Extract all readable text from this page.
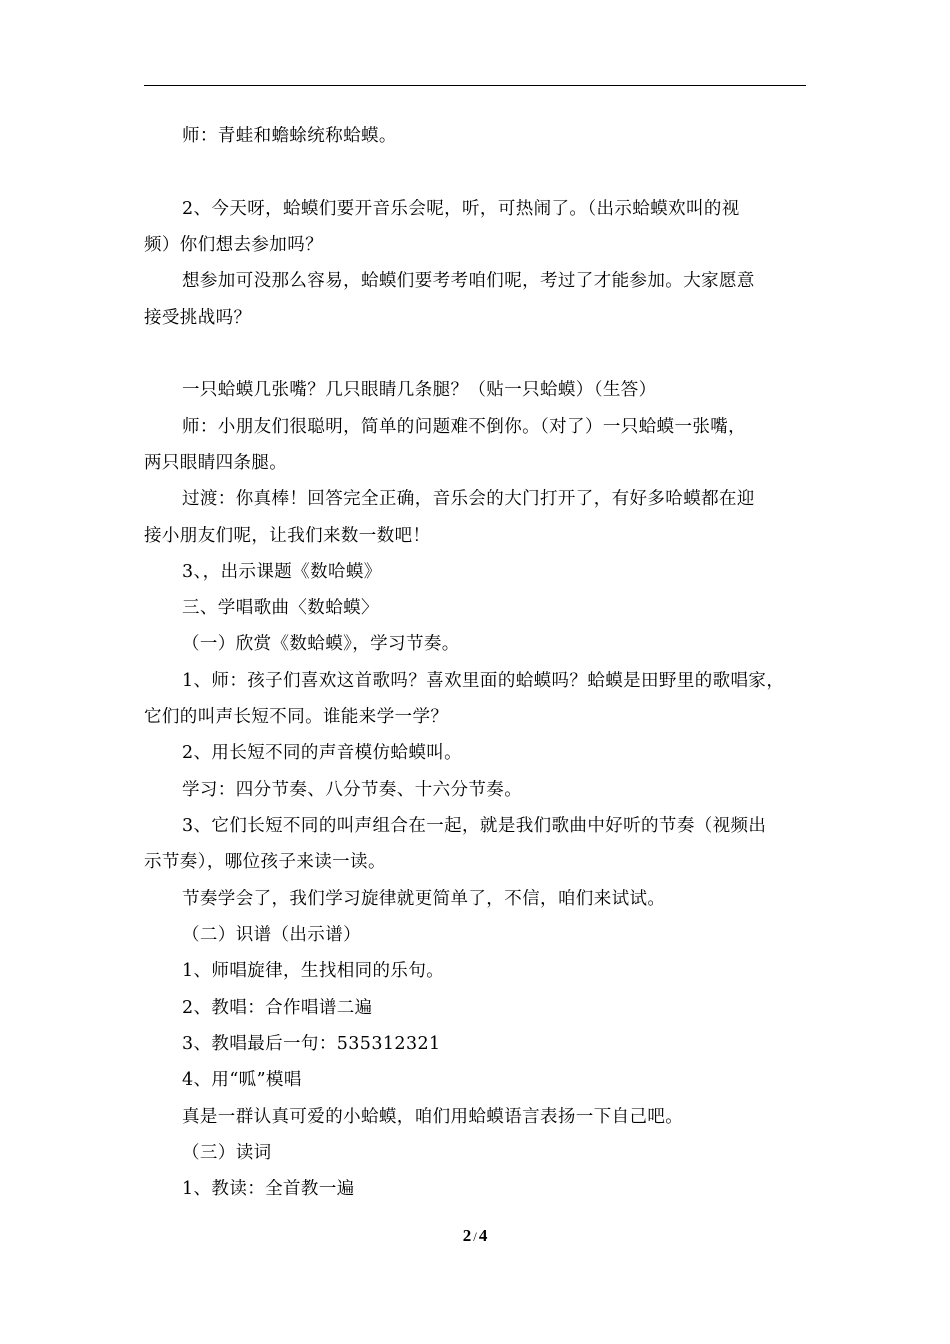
师：青蛙和蟾蜍统称蛤蟆。

2、今天呀，蛤蟆们要开音乐会呢，听，可热闹了。（出示蛤蟆欢叫的视

频）你们想去参加吗？

想参加可没那么容易，蛤蟆们要考考咱们呢，考过了才能参加。大家愿意

接受挑战吗？

一只蛤蟆几张嘴？几只眼睛几条腿？（贴一只蛤蟆）（生答）

师：小朋友们很聪明，简单的问题难不倒你。（对了）一只蛤蟆一张嘴，

两只眼睛四条腿。

过渡：你真棒！回答完全正确，音乐会的大门打开了，有好多哈蟆都在迎

接小朋友们呢，让我们来数一数吧！

3、，出示课题《数哈蟆》

三、学唱歌曲〈数蛤蟆〉

（一）欣赏《数蛤蟆》，学习节奏。

1、师：孩子们喜欢这首歌吗？喜欢里面的蛤蟆吗？蛤蟆是田野里的歌唱家，

它们的叫声长短不同。谁能来学一学？

2、用长短不同的声音模仿蛤蟆叫。

学习：四分节奏、八分节奏、十六分节奏。

3、它们长短不同的叫声组合在一起，就是我们歌曲中好听的节奏（视频出

示节奏），哪位孩子来读一读。

节奏学会了，我们学习旋律就更简单了，不信，咱们来试试。

（二）识谱（出示谱）

1、师唱旋律，生找相同的乐句。

2、教唱：合作唱谱二遍

3、教唱最后一句：535312321

4、用“呱”模唱

真是一群认真可爱的小蛤蟆，咱们用蛤蟆语言表扬一下自己吧。

（三）读词

1、教读：全首教一遍

2 / 4
